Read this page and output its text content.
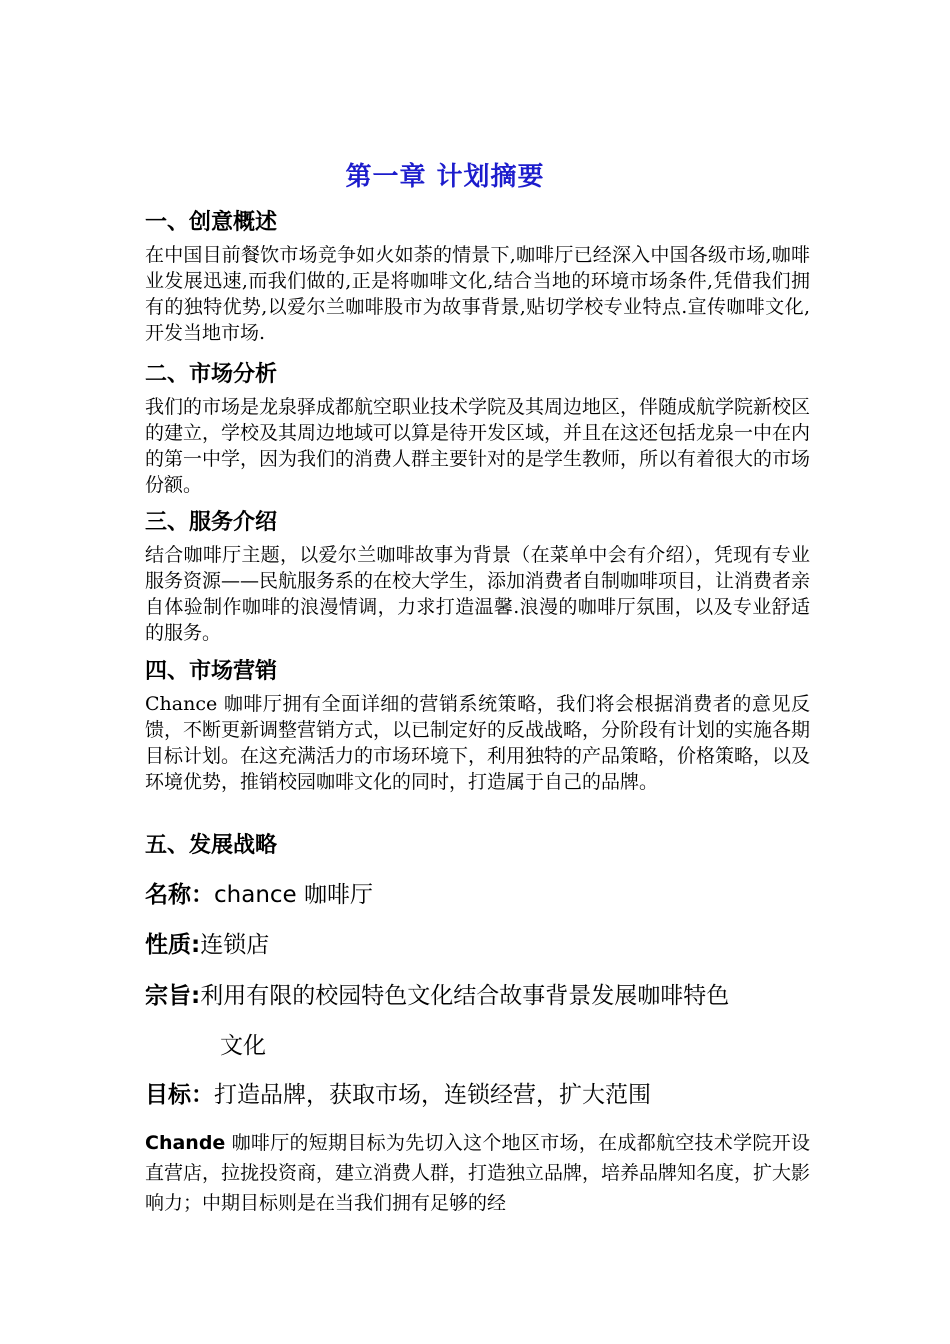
第一章 计划摘要
一、创意概述

在中国目前餐饮市场竞争如火如荼的情景下,咖啡厅已经深入中国各级市场,咖啡业发展迅速,而我们做的,正是将咖啡文化,结合当地的环境市场条件,凭借我们拥有的独特优势,以爱尔兰咖啡股市为故事背景,贴切学校专业特点.宣传咖啡文化,开发当地市场.

二、市场分析

我们的市场是龙泉驿成都航空职业技术学院及其周边地区，伴随成航学院新校区的建立，学校及其周边地域可以算是待开发区域，并且在这还包括龙泉一中在内的第一中学，因为我们的消费人群主要针对的是学生教师，所以有着很大的市场份额。

三、服务介绍

结合咖啡厅主题，以爱尔兰咖啡故事为背景（在菜单中会有介绍），凭现有专业服务资源——民航服务系的在校大学生，添加消费者自制咖啡项目，让消费者亲自体验制作咖啡的浪漫情调，力求打造温馨.浪漫的咖啡厅氛围，以及专业舒适的服务。

四、市场营销

Chance 咖啡厅拥有全面详细的营销系统策略，我们将会根据消费者的意见反馈，不断更新调整营销方式，以已制定好的反战战略，分阶段有计划的实施各期目标计划。在这充满活力的市场环境下，利用独特的产品策略，价格策略，以及环境优势，推销校园咖啡文化的同时，打造属于自己的品牌。

五、发展战略
名称：chance 咖啡厅
性质:连锁店
宗旨:利用有限的校园特色文化结合故事背景发展咖啡特色
文化
目标：打造品牌，获取市场，连锁经营，扩大范围
Chande 咖啡厅的短期目标为先切入这个地区市场，在成都航空技术学院开设直营店，拉拢投资商，建立消费人群，打造独立品牌，培养品牌知名度，扩大影响力；中期目标则是在当我们拥有足够的经
